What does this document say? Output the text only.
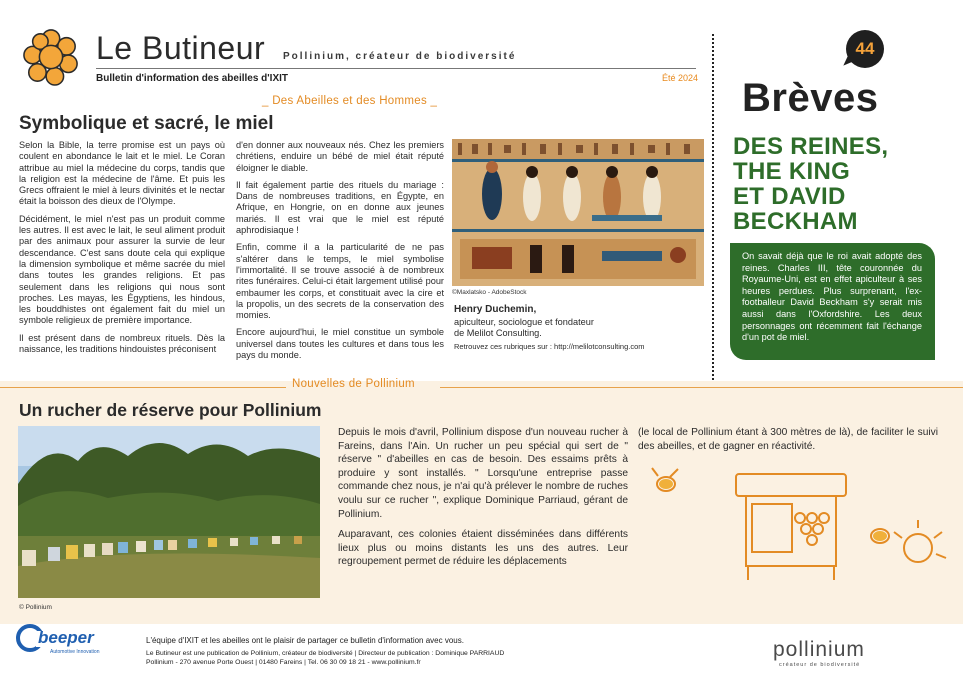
Le Butineur Pollinium, créateur de biodiversité
Bulletin d'information des abeilles d'IXIT	Été 2024
_ Des Abeilles et des Hommes _
Symbolique et sacré, le miel

Selon la Bible, la terre promise est un pays où coulent en abondance le lait et le miel. Le Coran attribue au miel la médecine du corps, tandis que la religion est la médecine de l'âme. Et puis les Grecs offraient le miel à leurs divinités et le nectar était la boisson des dieux de l'Olympe.

Décidément, le miel n'est pas un produit comme les autres. Il est avec le lait, le seul aliment produit par des animaux pour assurer la survie de leur descendance. C'est sans doute cela qui explique la dimension symbolique et même sacrée du miel dans toutes les grandes religions. Et pas seulement dans les religions qui nous sont proches. Les mayas, les Égyptiens, les hindous, les bouddhistes ont également fait du miel un symbole religieux de première importance.

Il est présent dans de nombreux rituels. Dès la naissance, les traditions hindouistes préconisent

d'en donner aux nouveaux nés. Chez les premiers chrétiens, enduire un bébé de miel était réputé éloigner le diable.

Il fait également partie des rituels du mariage : Dans de nombreuses traditions, en Égypte, en Afrique, en Hongrie, on en donne aux jeunes mariés. Il est vrai que le miel est réputé aphrodisiaque !

Enfin, comme il a la particularité de ne pas s'altérer dans le temps, le miel symbolise l'immortalité. Il se trouve associé à de nombreux rites funéraires. Celui-ci était largement utilisé pour embaumer les corps, et constituait avec la cire et la propolis, un des secrets de la conservation des momies.

Encore aujourd'hui, le miel constitue un symbole universel dans toutes les cultures et dans tous les pays du monde.

©Maxlatsko - AdobeStock
Henry Duchemin,
apiculteur, sociologue et fondateur
de Melilot Consulting.
Retrouvez ces rubriques sur : http://melilotconsulting.com
44
Brèves
DES REINES,
THE KING
ET DAVID
BECKHAM
On savait déjà que le roi avait adopté des reines. Charles III, tête couronnée du Royaume-Uni, est en effet apiculteur à ses heures perdues. Plus surprenant, l'ex-footballeur David Beckham s'y serait mis aussi dans l'Oxfordshire. Les deux personnages ont récemment fait l'échange d'un pot de miel.
Nouvelles de Pollinium
Un rucher de réserve pour Pollinium
© Pollinium

Depuis le mois d'avril, Pollinium dispose d'un nouveau rucher à Fareins, dans l'Ain. Un rucher un peu spécial qui sert de " réserve " d'abeilles en cas de besoin. Des essaims prêts à produire y sont installés. " Lorsqu'une entreprise passe commande chez nous, je n'ai qu'à prélever le nombre de ruches voulu sur ce rucher ", explique Dominique Parriaud, gérant de Pollinium.

Auparavant, ces colonies étaient disséminées dans différents lieux plus ou moins distants les uns des autres. Leur regroupement permet de réduire les déplacements

(le local de Pollinium étant à 300 mètres de là), de faciliter le suivi des abeilles, et de gagner en réactivité.
beeper
Automotive Innovation
L'équipe d'IXIT et les abeilles ont le plaisir de partager ce bulletin d'information avec vous.
Le Butineur est une publication de Pollinium, créateur de biodiversité | Directeur de publication : Dominique PARRIAUD
Pollinium - 270 avenue Porte Ouest | 01480 Fareins | Tel. 06 30 09 18 21 - www.pollinium.fr
pollinium
créateur de biodiversité
